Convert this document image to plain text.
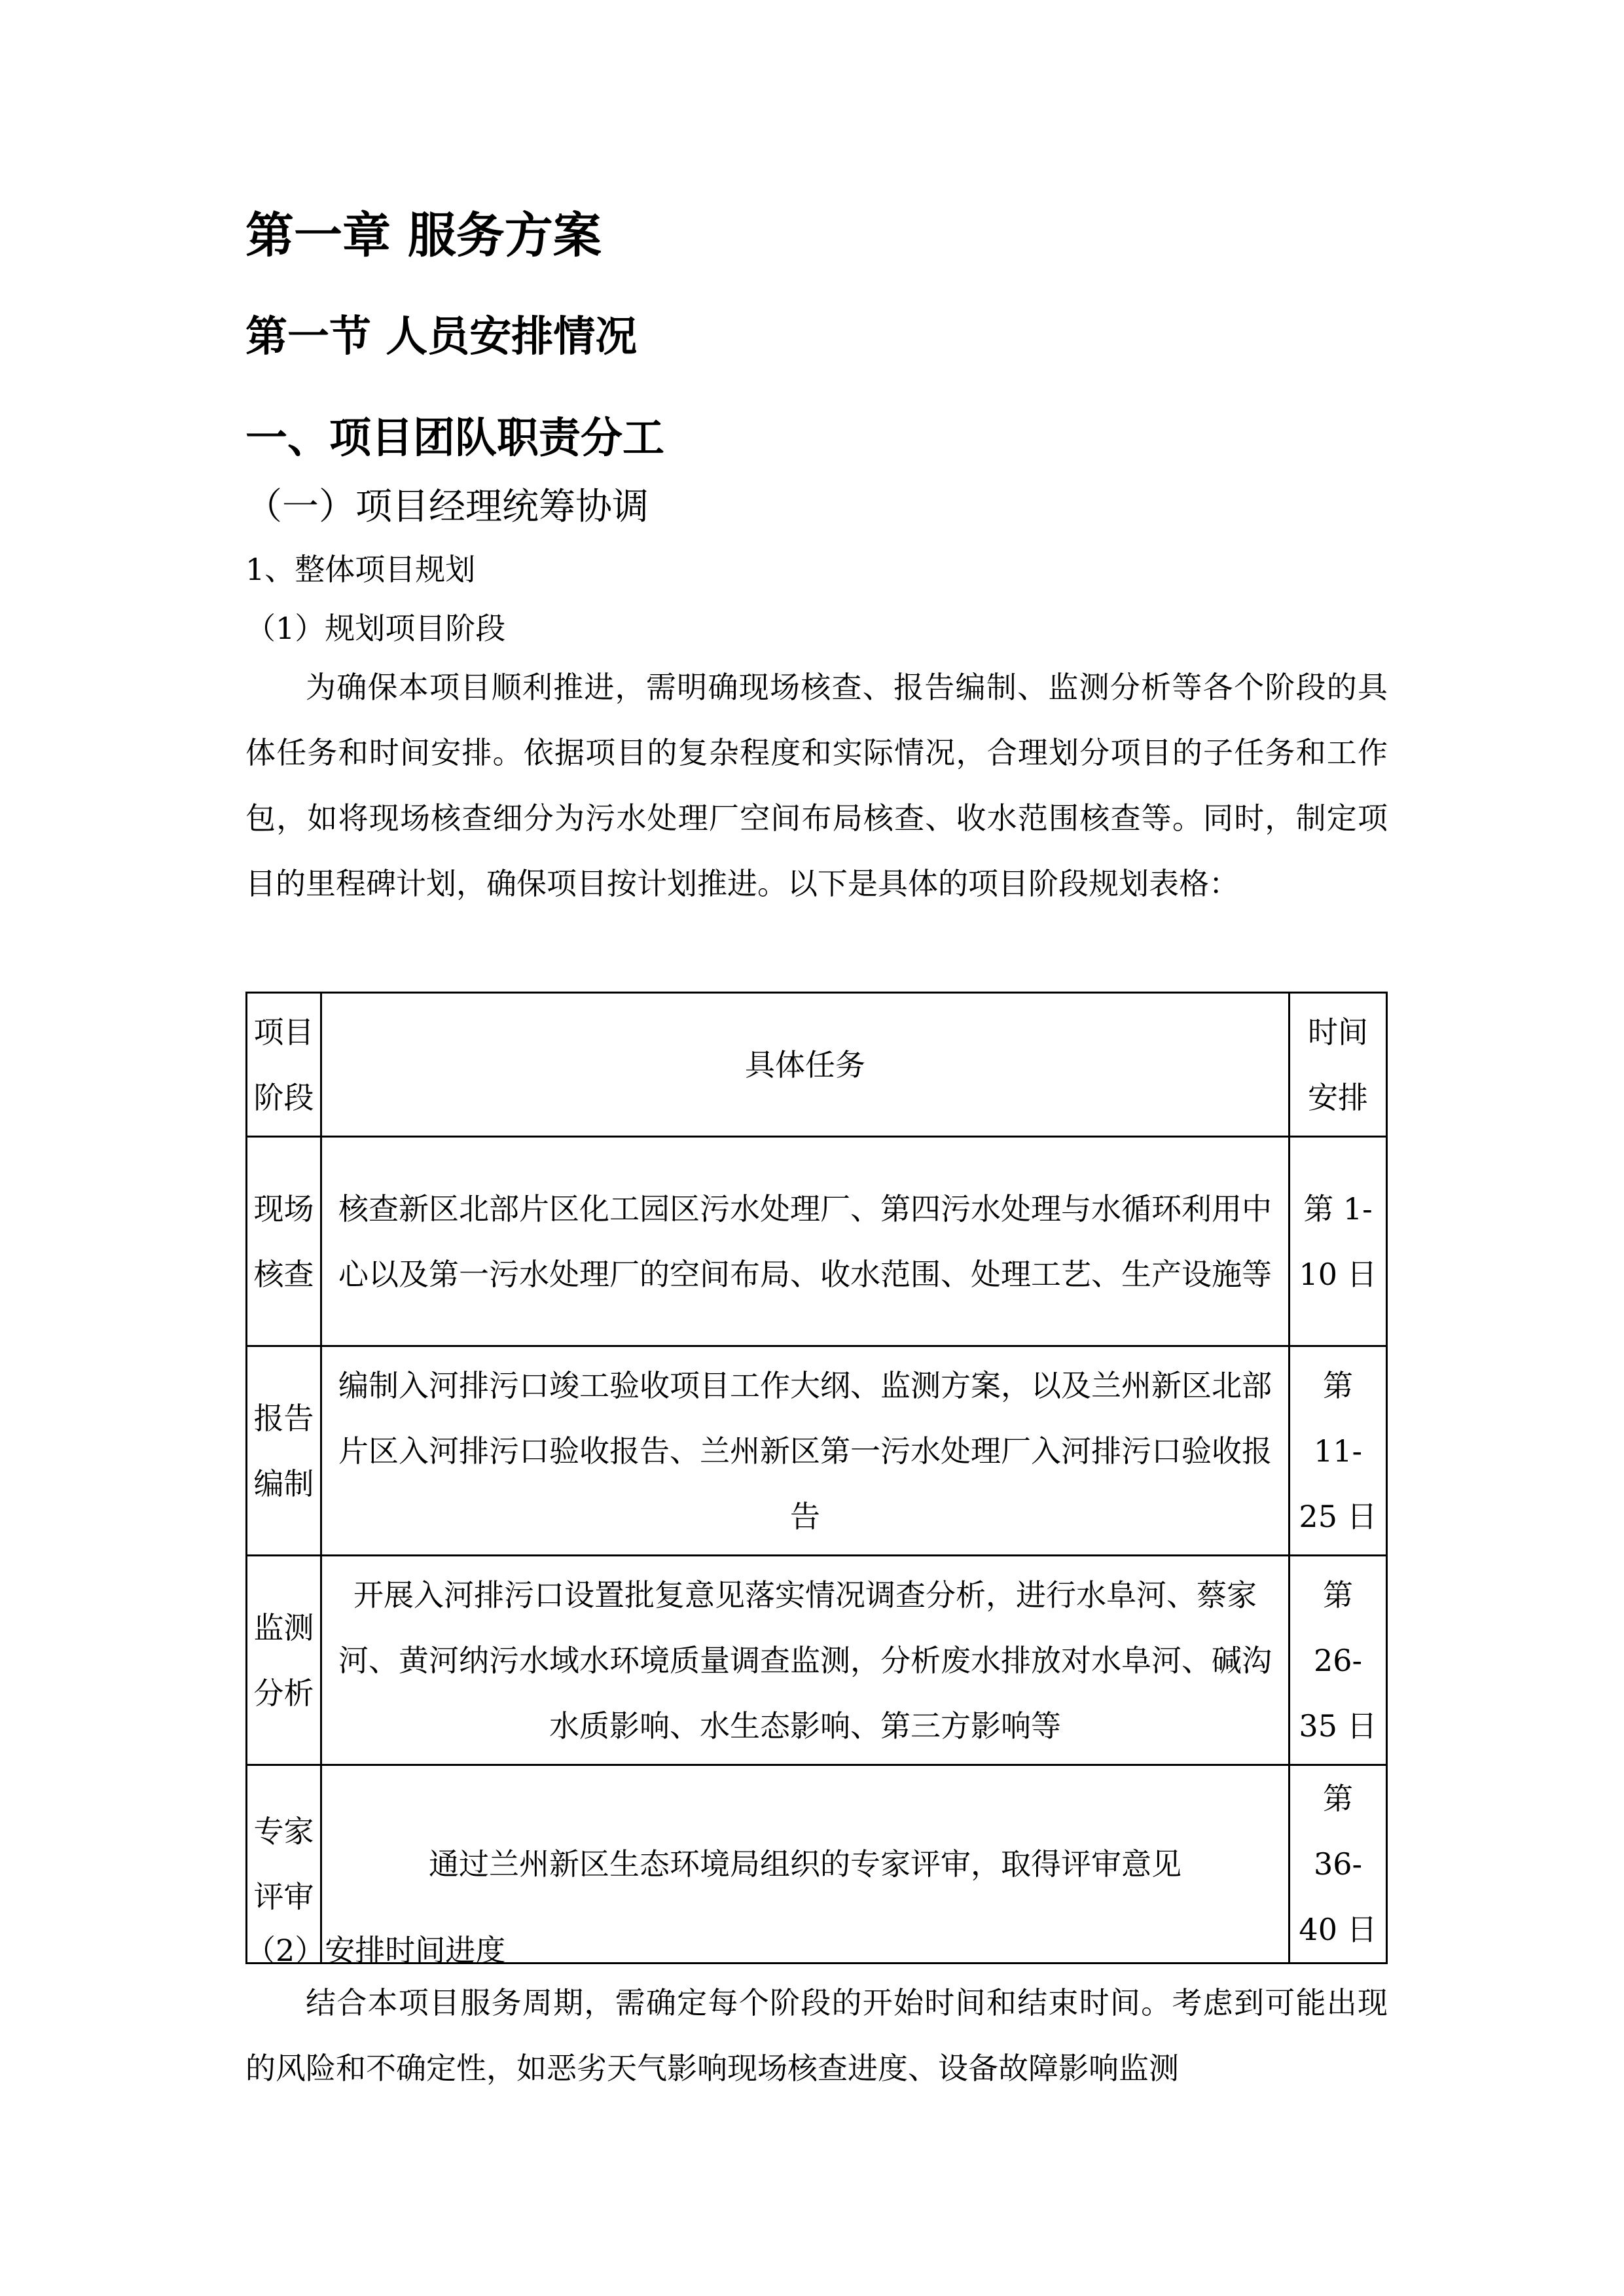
第一章 服务方案
第一节 人员安排情况
一、项目团队职责分工
（一）项目经理统筹协调
1、整体项目规划
（1）规划项目阶段
为确保本项目顺利推进，需明确现场核查、报告编制、监测分析等各个阶段的具体任务和时间安排。依据项目的复杂程度和实际情况，合理划分项目的子任务和工作包，如将现场核查细分为污水处理厂空间布局核查、收水范围核查等。同时，制定项目的里程碑计划，确保项目按计划推进。以下是具体的项目阶段规划表格：
项目阶段	具体任务	时间安排
现场核查	核查新区北部片区化工园区污水处理厂、第四污水处理与水循环利用中心以及第一污水处理厂的空间布局、收水范围、处理工艺、生产设施等	第 1-10 日
报告编制	编制入河排污口竣工验收项目工作大纲、监测方案，以及兰州新区北部片区入河排污口验收报告、兰州新区第一污水处理厂入河排污口验收报告	第 11-25 日
监测分析	开展入河排污口设置批复意见落实情况调查分析，进行水阜河、蔡家河、黄河纳污水域水环境质量调查监测，分析废水排放对水阜河、碱沟水质影响、水生态影响、第三方影响等	第 26-35 日
专家评审	通过兰州新区生态环境局组织的专家评审，取得评审意见	第 36-40 日
（2）安排时间进度
结合本项目服务周期，需确定每个阶段的开始时间和结束时间。考虑到可能出现的风险和不确定性，如恶劣天气影响现场核查进度、设备故障影响监测
